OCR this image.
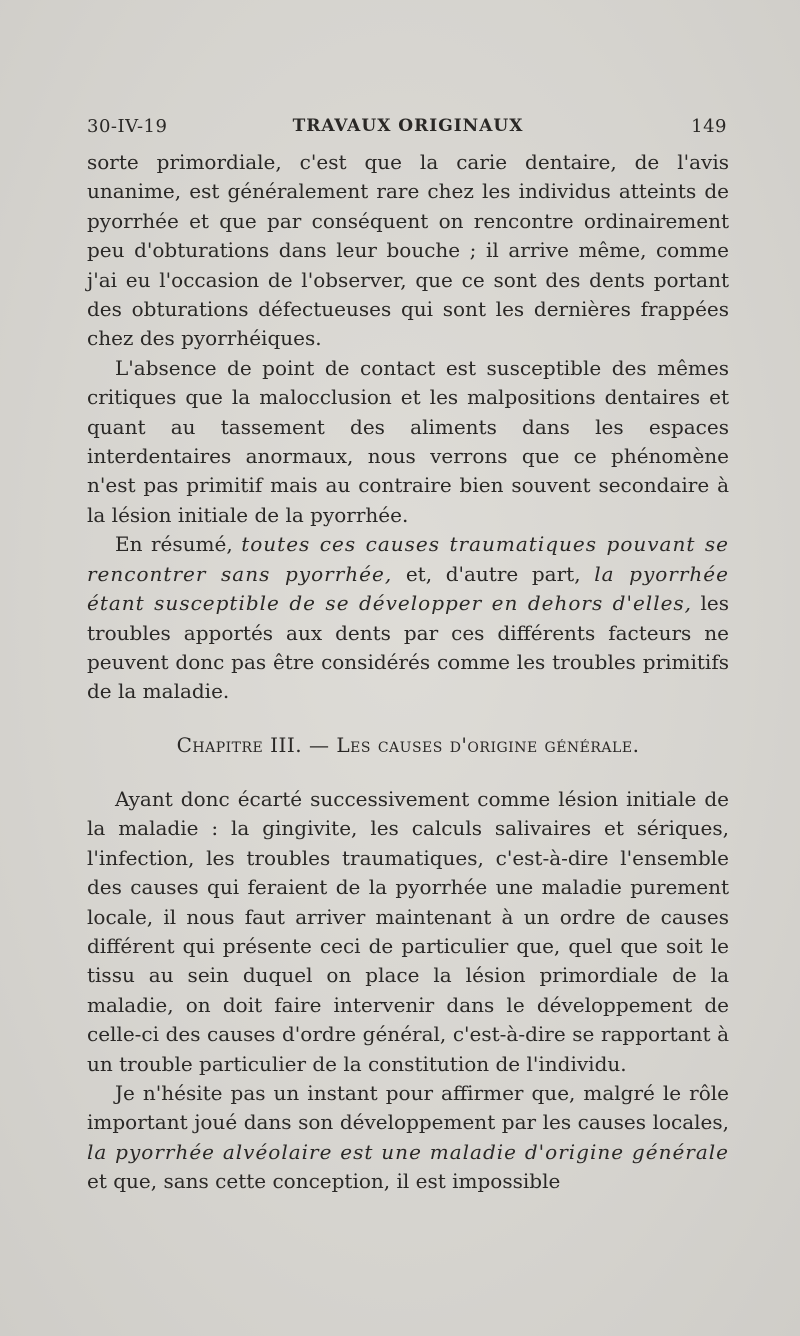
30-IV-19	TRAVAUX ORIGINAUX	149

sorte primordiale, c'est que la carie dentaire, de l'avis unanime, est généralement rare chez les individus atteints de pyorrhée et que par conséquent on rencontre ordinairement peu d'obturations dans leur bouche ; il arrive même, comme j'ai eu l'occasion de l'observer, que ce sont des dents portant des obturations défectueuses qui sont les dernières frappées chez des pyorrhéiques.

L'absence de point de contact est susceptible des mêmes critiques que la malocclusion et les malpositions dentaires et quant au tassement des aliments dans les espaces interdentaires anormaux, nous verrons que ce phénomène n'est pas primitif mais au contraire bien souvent secondaire à la lésion initiale de la pyorrhée.

En résumé, toutes ces causes traumatiques pouvant se rencontrer sans pyorrhée, et, d'autre part, la pyorrhée étant susceptible de se développer en dehors d'elles, les troubles apportés aux dents par ces différents facteurs ne peuvent donc pas être considérés comme les troubles primitifs de la maladie.

Chapitre III. — Les causes d'origine générale.

Ayant donc écarté successivement comme lésion initiale de la maladie : la gingivite, les calculs salivaires et sériques, l'infection, les troubles traumatiques, c'est-à-dire l'ensemble des causes qui feraient de la pyorrhée une maladie purement locale, il nous faut arriver maintenant à un ordre de causes différent qui présente ceci de particulier que, quel que soit le tissu au sein duquel on place la lésion primordiale de la maladie, on doit faire intervenir dans le développement de celle-ci des causes d'ordre général, c'est-à-dire se rapportant à un trouble particulier de la constitution de l'individu.

Je n'hésite pas un instant pour affirmer que, malgré le rôle important joué dans son développement par les causes locales, la pyorrhée alvéolaire est une maladie d'origine générale et que, sans cette conception, il est impossible
